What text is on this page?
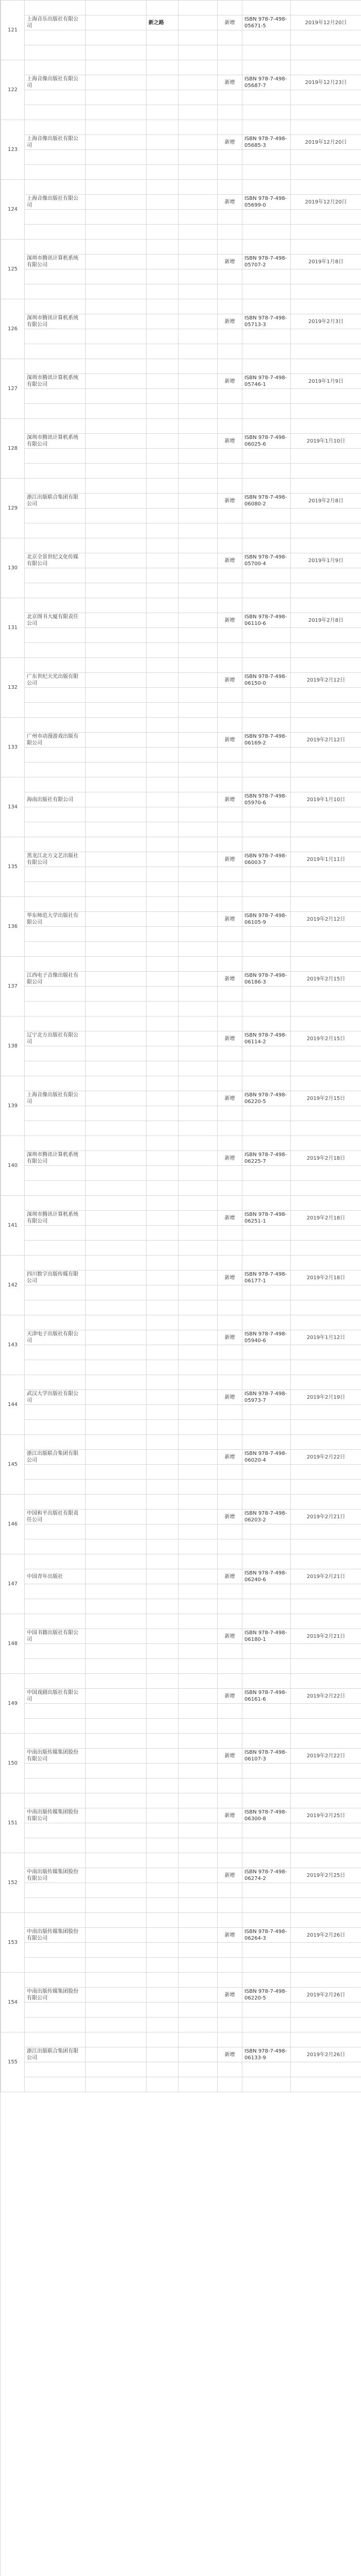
121							
	上海音乐出版社有限公司		新之路		新增	ISBN 978-7-498-05671-5	2019年12月20日

122							
	上海音像出版社有限公司				新增	ISBN 978-7-498-05687-7	2019年12月23日

123							
	上海音像出版社有限公司				新增	ISBN 978-7-498-05685-3	2019年12月20日

124							
	上海音像出版社有限公司				新增	ISBN 978-7-498-05699-0	2019年12月20日

125							
	深圳市腾讯计算机系统有限公司				新增	ISBN 978-7-498-05707-2	2019年1月8日

126							
	深圳市腾讯计算机系统有限公司				新增	ISBN 978-7-498-05713-3	2019年2月3日

127							
	深圳市腾讯计算机系统有限公司				新增	ISBN 978-7-498-05746-1	2019年1月9日

128							
	深圳市腾讯计算机系统有限公司				新增	ISBN 978-7-498-06025-6	2019年1月10日

129							
	浙江出版联合集团有限公司				新增	ISBN 978-7-498-06080-2	2019年2月8日

130							
	北京全景世纪文化传媒有限公司				新增	ISBN 978-7-498-05700-4	2019年1月9日

131							
	北京图书大厦有限责任公司				新增	ISBN 978-7-498-06110-6	2019年2月8日

132							
	广东世纪天光出版有限公司				新增	ISBN 978-7-498-06150-0	2019年2月12日

133							
	广州市动漫游戏出版有限公司				新增	ISBN 978-7-498-06169-2	2019年2月12日

134							
	海南出版社有限公司				新增	ISBN 978-7-498-05970-6	2019年1月10日

135							
	黑龙江北方文艺出版社有限公司				新增	ISBN 978-7-498-06003-7	2019年1月11日

136							
	华东师范大学出版社有限公司				新增	ISBN 978-7-498-06105-9	2019年2月12日

137							
	江西电子音像出版社有限公司				新增	ISBN 978-7-498-06186-3	2019年2月15日

138							
	辽宁北方出版社有限公司				新增	ISBN 978-7-498-06114-2	2019年2月15日

139							
	上海音像出版社有限公司				新增	ISBN 978-7-498-06220-5	2019年2月15日

140							
	深圳市腾讯计算机系统有限公司				新增	ISBN 978-7-498-06225-7	2019年2月18日

141							
	深圳市腾讯计算机系统有限公司				新增	ISBN 978-7-498-06251-1	2019年2月18日

142							
	四川数字出版传媒有限公司				新增	ISBN 978-7-498-06177-1	2019年2月18日

143							
	天津电子出版社有限公司				新增	ISBN 978-7-498-05940-6	2019年1月12日

144							
	武汉大学出版社有限公司				新增	ISBN 978-7-498-05973-7	2019年2月19日

145							
	浙江出版联合集团有限公司				新增	ISBN 978-7-498-06020-4	2019年2月22日

146							
	中国和平出版社有限责任公司				新增	ISBN 978-7-498-06203-2	2019年2月21日

147							
	中国青年出版社				新增	ISBN 978-7-498-06240-6	2019年2月21日

148							
	中国书籍出版社有限公司				新增	ISBN 978-7-498-06180-1	2019年2月21日

149							
	中国戏剧出版社有限公司				新增	ISBN 978-7-498-06161-6	2019年2月22日

150							
	中南出版传媒集团股份有限公司				新增	ISBN 978-7-498-06107-3	2019年2月22日

151							
	中南出版传媒集团股份有限公司				新增	ISBN 978-7-498-06300-8	2019年2月25日

152							
	中南出版传媒集团股份有限公司				新增	ISBN 978-7-498-06274-2	2019年2月25日

153							
	中南出版传媒集团股份有限公司				新增	ISBN 978-7-498-06264-3	2019年2月26日

154							
	中南出版传媒集团股份有限公司				新增	ISBN 978-7-498-06220-5	2019年2月26日

155							
	浙江出版联合集团有限公司				新增	ISBN 978-7-498-06133-9	2019年2月26日
